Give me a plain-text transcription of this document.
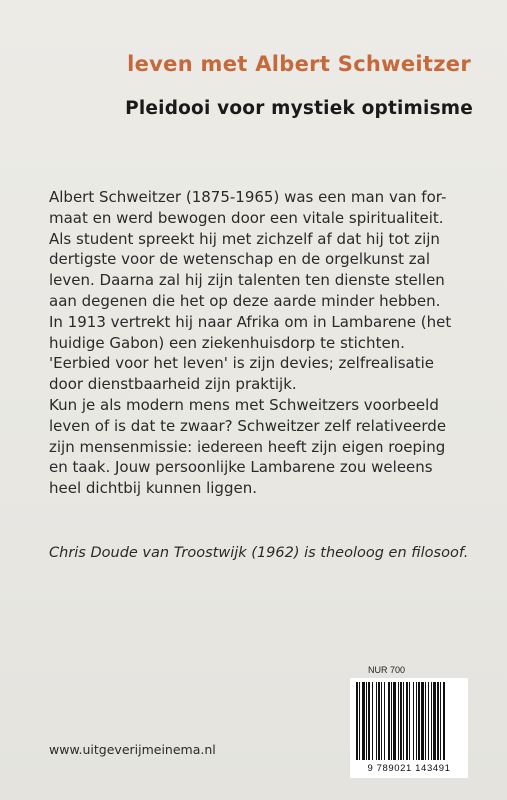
leven met Albert Schweitzer
Pleidooi voor mystiek optimisme
Albert Schweitzer (1875-1965) was een man van for-
maat en werd bewogen door een vitale spiritualiteit.
Als student spreekt hij met zichzelf af dat hij tot zijn
dertigste voor de wetenschap en de orgelkunst zal
leven. Daarna zal hij zijn talenten ten dienste stellen
aan degenen die het op deze aarde minder hebben.
In 1913 vertrekt hij naar Afrika om in Lambarene (het
huidige Gabon) een ziekenhuisdorp te stichten.
'Eerbied voor het leven' is zijn devies; zelfrealisatie
door dienstbaarheid zijn praktijk.
Kun je als modern mens met Schweitzers voorbeeld
leven of is dat te zwaar? Schweitzer zelf relativeerde
zijn mensenmissie: iedereen heeft zijn eigen roeping
en taak. Jouw persoonlijke Lambarene zou weleens
heel dichtbij kunnen liggen.
Chris Doude van Troostwijk (1962) is theoloog en filosoof.
NUR 700
9 789021 143491
www.uitgeverijmeinema.nl
